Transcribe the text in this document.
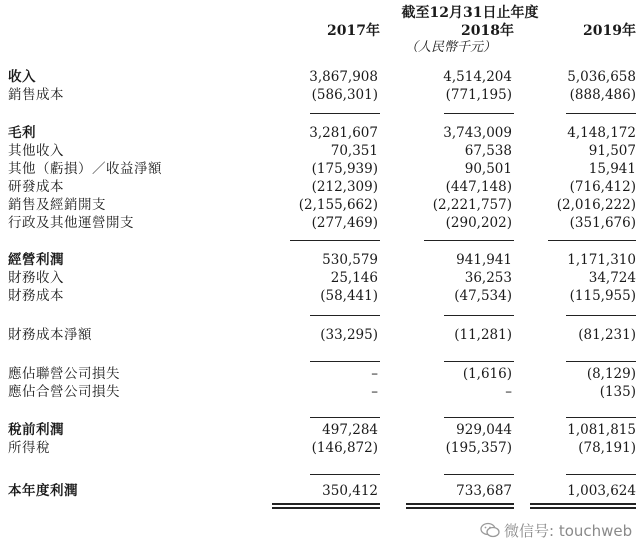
截至12月31日止年度
2017年	2018年	2019年
（人民幣千元）
收入	3,867,908	4,514,204	5,036,658
銷售成本	(586,301)	(771,195)	(888,486)
毛利	3,281,607	3,743,009	4,148,172
其他收入	70,351	67,538	91,507
其他（虧損）／收益淨額	(175,939)	90,501	15,941
研發成本	(212,309)	(447,148)	(716,412)
銷售及經銷開支	(2,155,662)	(2,221,757)	(2,016,222)
行政及其他運營開支	(277,469)	(290,202)	(351,676)
經營利潤	530,579	941,941	1,171,310
財務收入	25,146	36,253	34,724
財務成本	(58,441)	(47,534)	(115,955)
財務成本淨額	(33,295)	(11,281)	(81,231)
應佔聯營公司損失	–	(1,616)	(8,129)
應佔合營公司損失	–	–	(135)
稅前利潤	497,284	929,044	1,081,815
所得稅	(146,872)	(195,357)	(78,191)
本年度利潤	350,412	733,687	1,003,624
微信号: touchweb
